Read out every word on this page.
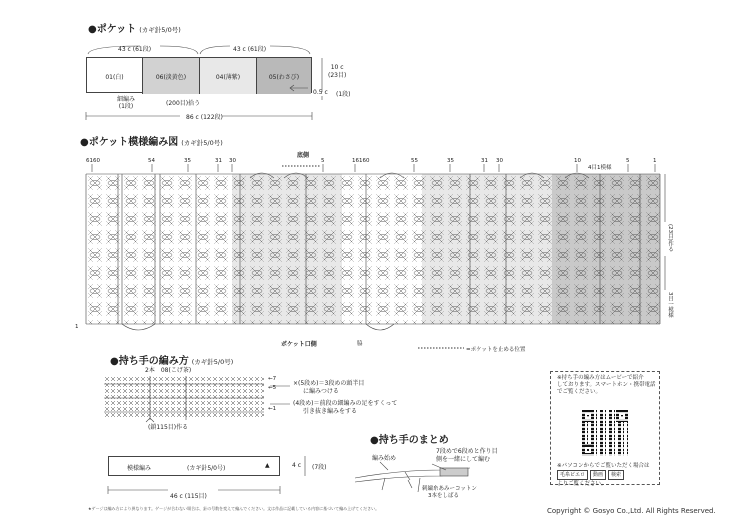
●ポケット (カギ針5/0号)
43 c (61段)	43 c (61段)
01(白)	06(淡黄色)	04(薄紫)	05(わさび)
10 c
(23目)
0.5 c (1段)
細編み
(1段)	(200目)拾う
86 c (122段)
●ポケット模様編み図 (カギ針5/0号)
底側
6160	54	35	31 30	5	16160	55	35	31 30	10	5	1
4目1模様
1
(23目)作る
3目一模様
ポケット口側	脇
=ポケットを止める位置
●持ち手の編み方 (カギ針5/0号)
2本　 08(こげ茶)
←7
←5
←1
×(5段め)＝3段めの頭半目
に編みつける
(4段め)＝前段の細編みの足をすくって
引き抜き編みをする
(鎖115目)作る
模様編み	(カギ針5/0号)	▲	4 c (7段)
46 c (115目)
●持ち手のまとめ
編み始め
7段めで6段めと作り目
側を一緒にして編む
刺繍糸あみーコットン
3本をしばる
※持ち手の編み方はムービーで紹介
しております。スマートホン・携帯電話
でご覧ください。
※パソコンからでご覧いただく場合は
毛糸ピエロ 動画 検索
よりご覧ください。
★ゲージは編み方により異なります。ゲージが合わない場合は、針の号数を変えて編んでください。文は作品に記載している内容に基づいて編み上げてください。	Copyright © Gosyo Co.,Ltd. All Rights Reserved.
